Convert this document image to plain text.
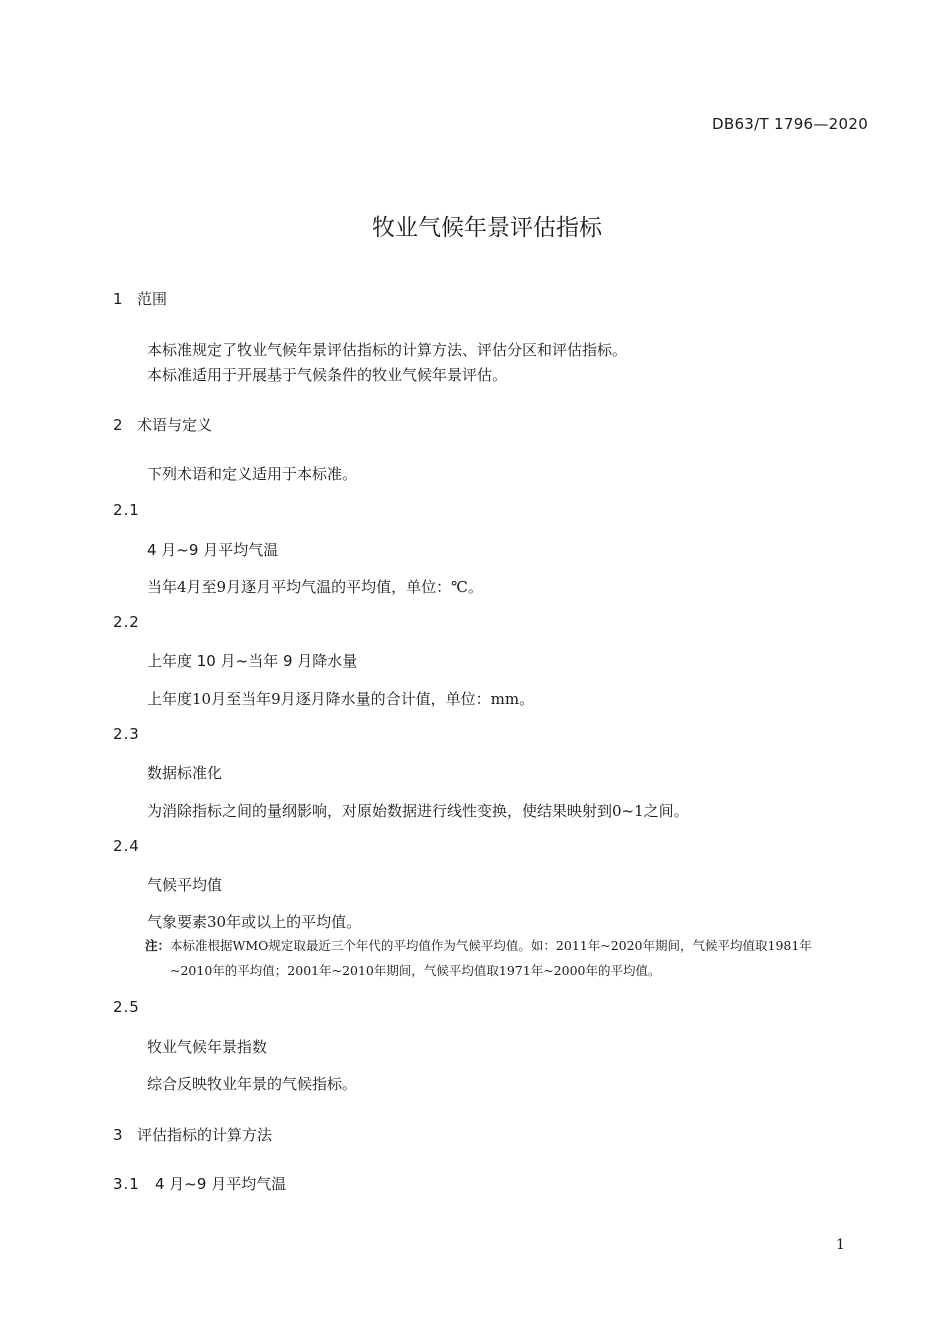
DB63/T 1796—2020
牧业气候年景评估指标
1 范围
本标准规定了牧业气候年景评估指标的计算方法、评估分区和评估指标。
本标准适用于开展基于气候条件的牧业气候年景评估。
2 术语与定义
下列术语和定义适用于本标准。
2.1
4 月~9 月平均气温
当年4月至9月逐月平均气温的平均值，单位：℃。
2.2
上年度 10 月~当年 9 月降水量
上年度10月至当年9月逐月降水量的合计值，单位：mm。
2.3
数据标准化
为消除指标之间的量纲影响，对原始数据进行线性变换，使结果映射到0~1之间。
2.4
气候平均值
气象要素30年或以上的平均值。
注：本标准根据WMO规定取最近三个年代的平均值作为气候平均值。如：2011年~2020年期间，气候平均值取1981年
~2010年的平均值；2001年~2010年期间，气候平均值取1971年~2000年的平均值。
2.5
牧业气候年景指数
综合反映牧业年景的气候指标。
3 评估指标的计算方法
3.1 4 月~9 月平均气温
1
